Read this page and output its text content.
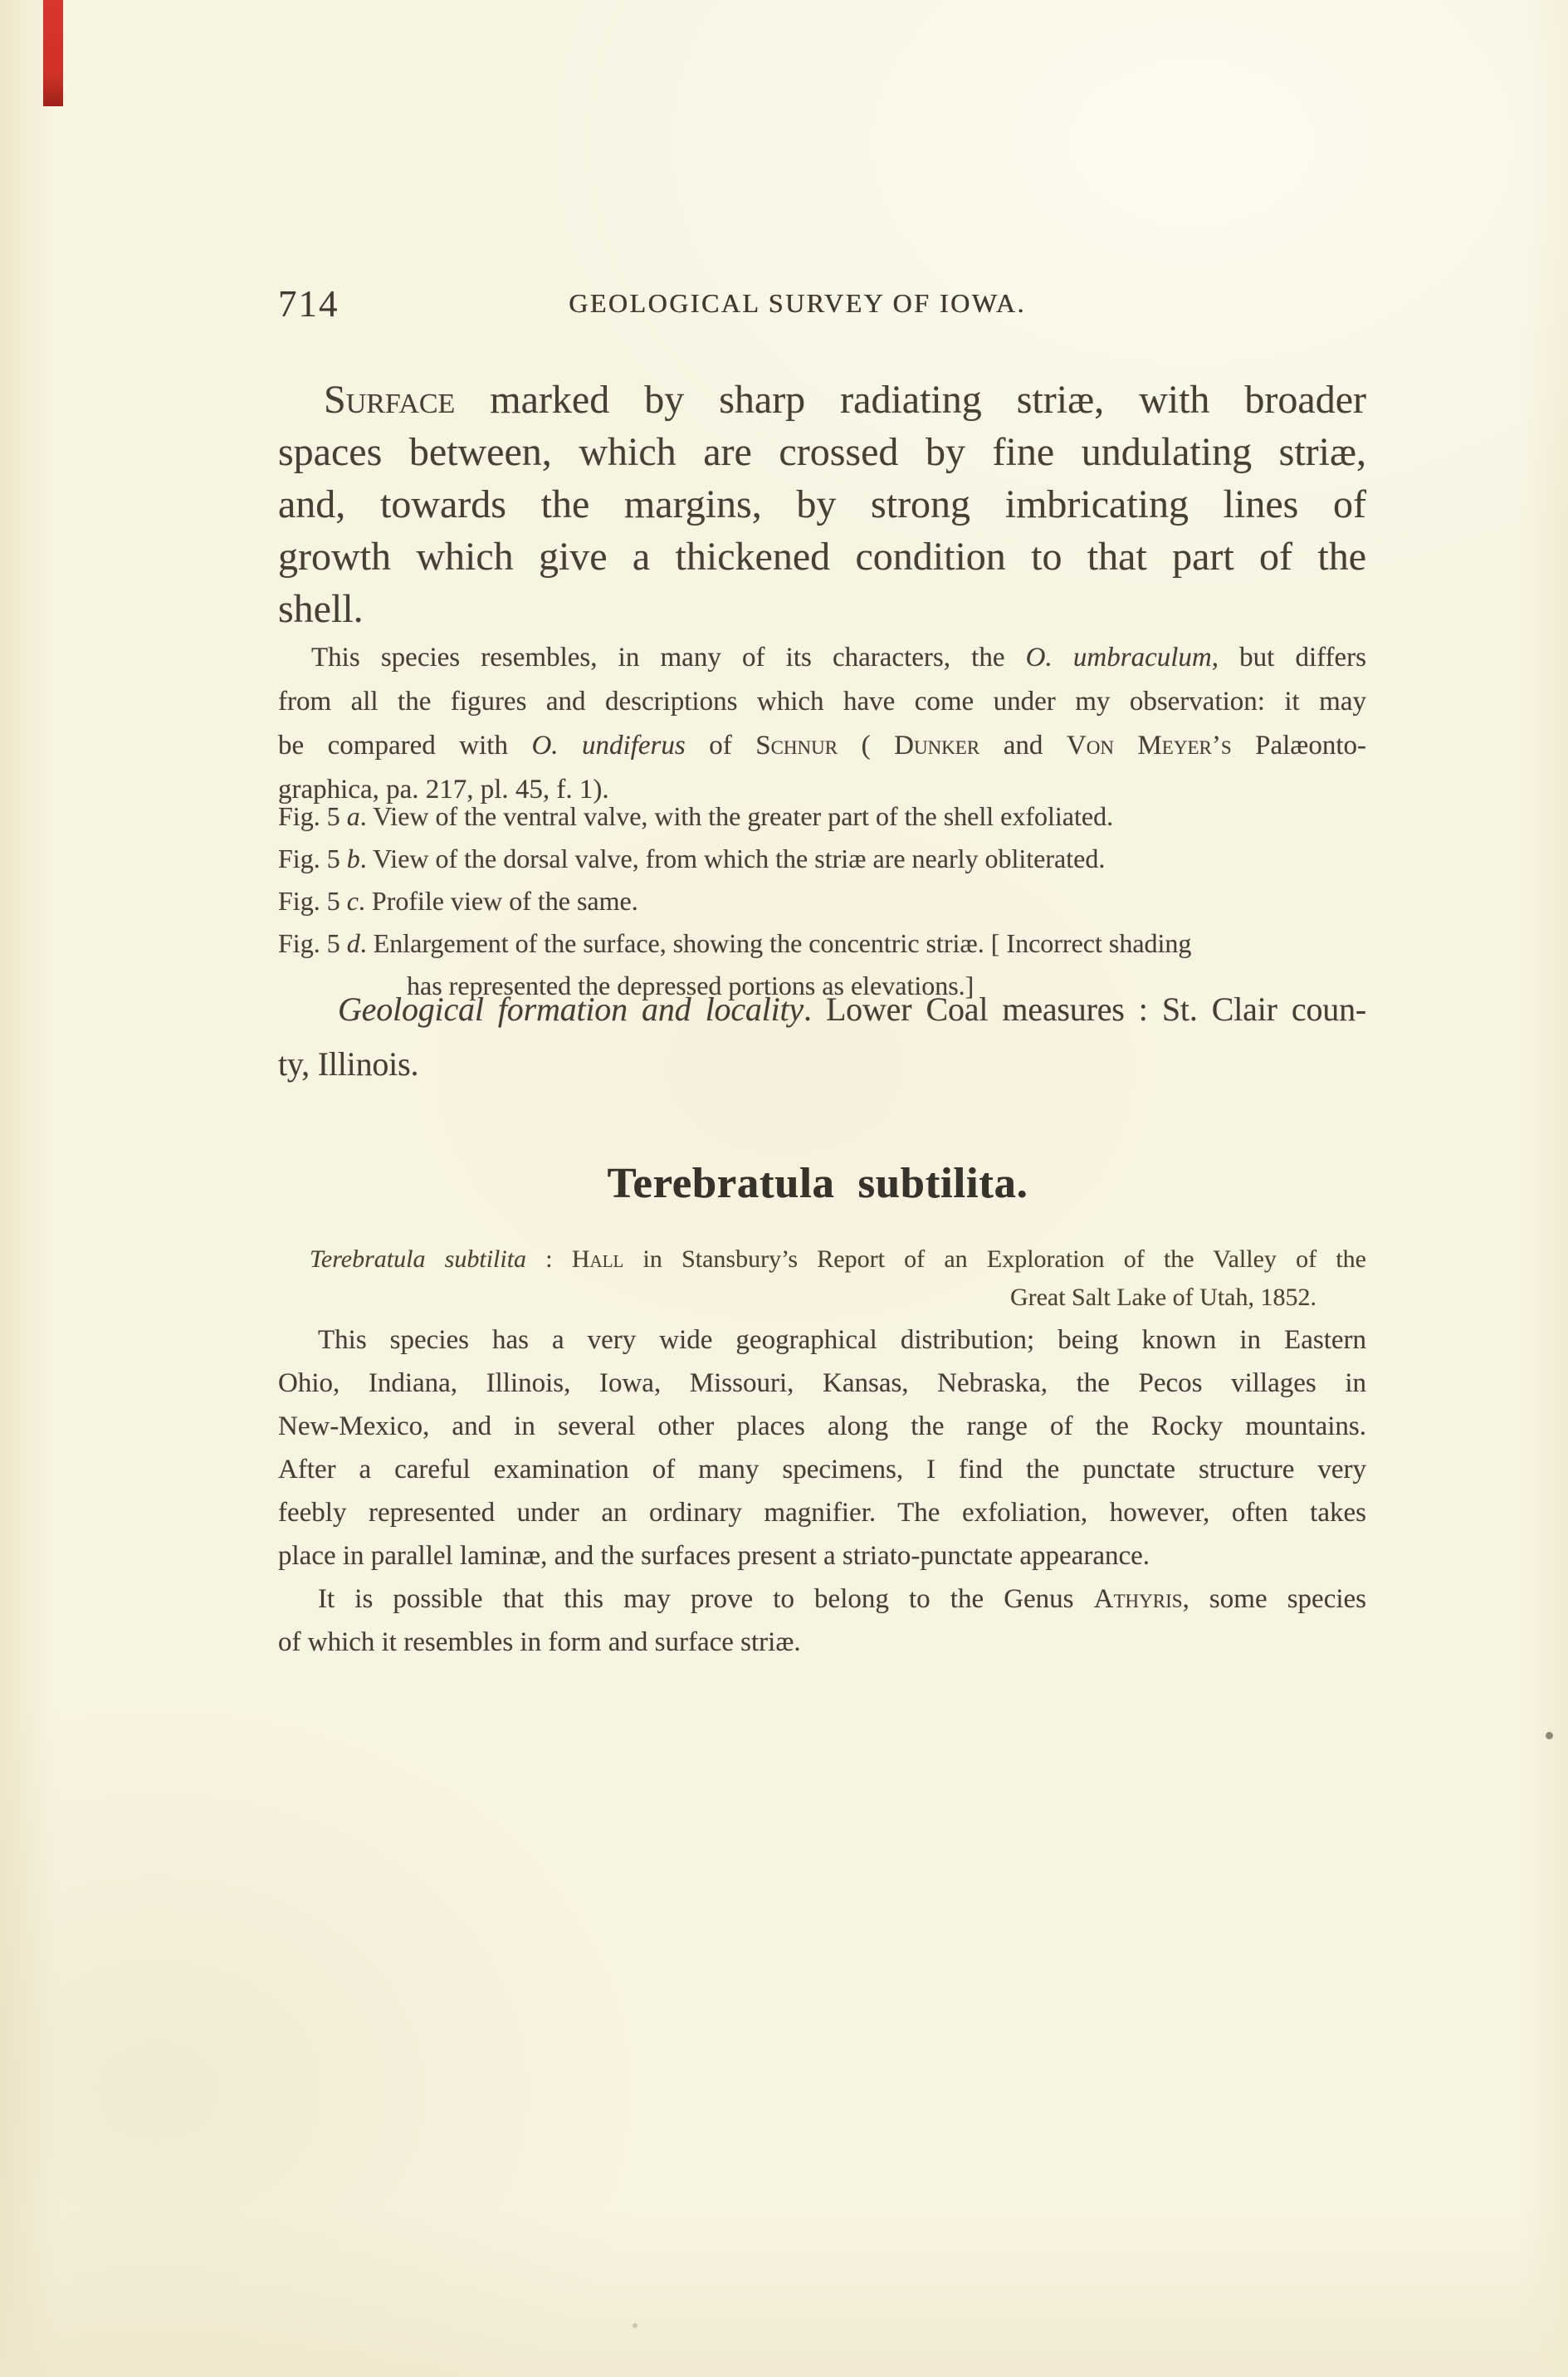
714	GEOLOGICAL SURVEY OF IOWA.
Surface marked by sharp radiating striæ, with broader
spaces between, which are crossed by fine undulating striæ,
and, towards the margins, by strong imbricating lines of
growth which give a thickened condition to that part of the
shell.
This species resembles, in many of its characters, the O. umbraculum, but differs
from all the figures and descriptions which have come under my observation: it may
be compared with O. undiferus of Schnur ( Dunker and Von Meyer’s Palæonto-
graphica, pa. 217, pl. 45, f. 1).
Fig. 5 a. View of the ventral valve, with the greater part of the shell exfoliated.
Fig. 5 b. View of the dorsal valve, from which the striæ are nearly obliterated.
Fig. 5 c. Profile view of the same.
Fig. 5 d. Enlargement of the surface, showing the concentric striæ. [ Incorrect shading
has represented the depressed portions as elevations.]
Geological formation and locality. Lower Coal measures : St. Clair coun-
ty, Illinois.
Terebratula subtilita.
Terebratula subtilita : Hall in Stansbury’s Report of an Exploration of the Valley of the
Great Salt Lake of Utah, 1852.
This species has a very wide geographical distribution; being known in Eastern
Ohio, Indiana, Illinois, Iowa, Missouri, Kansas, Nebraska, the Pecos villages in
New-Mexico, and in several other places along the range of the Rocky mountains.
After a careful examination of many specimens, I find the punctate structure very
feebly represented under an ordinary magnifier. The exfoliation, however, often takes
place in parallel laminæ, and the surfaces present a striato-punctate appearance.
It is possible that this may prove to belong to the Genus Athyris, some species
of which it resembles in form and surface striæ.
